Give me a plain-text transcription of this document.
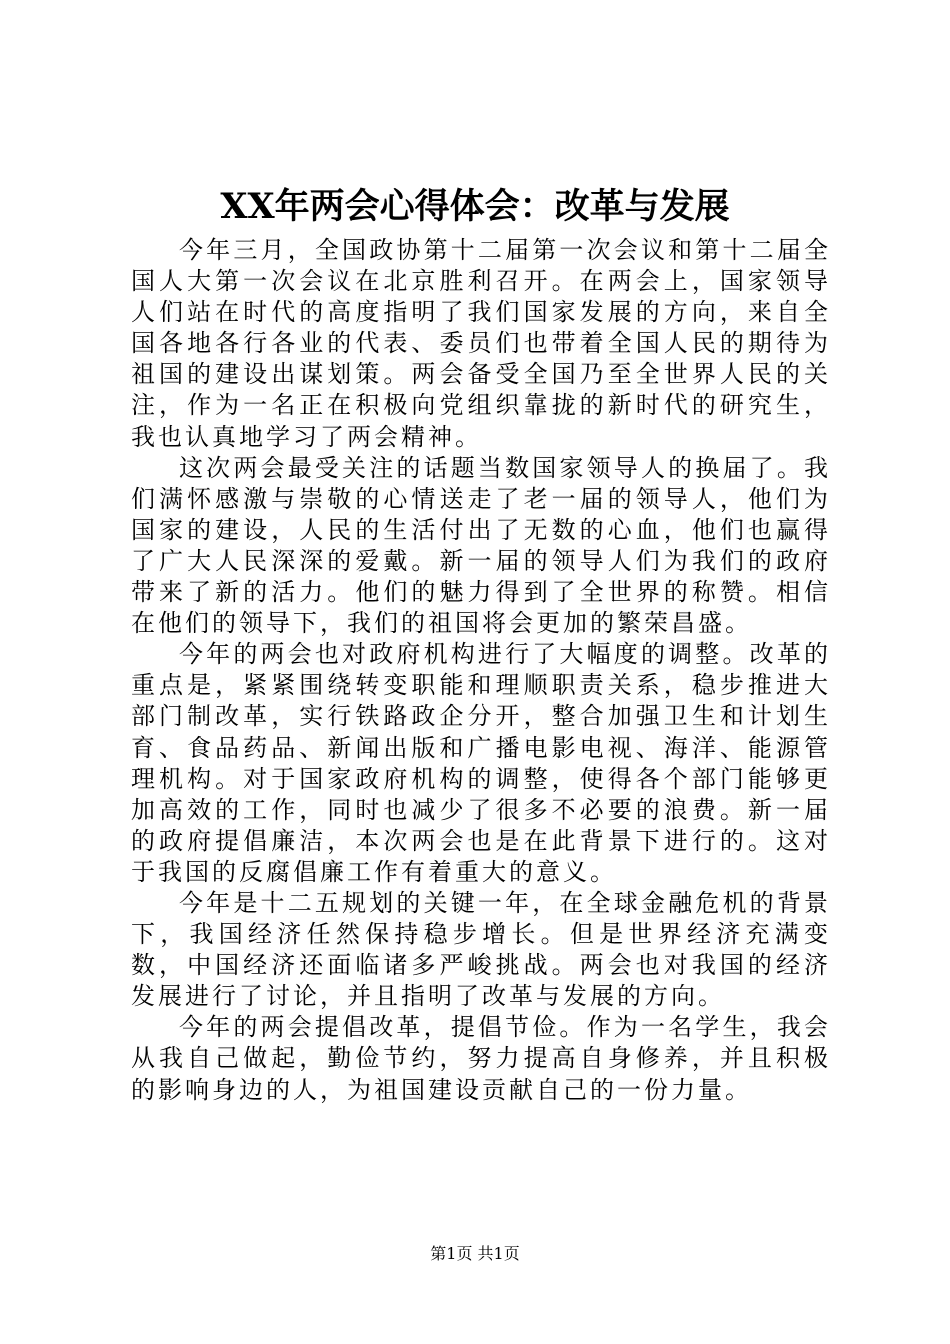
XX年两会心得体会：改革与发展

今年三月，全国政协第十二届第一次会议和第十二届全国人大第一次会议在北京胜利召开。在两会上，国家领导人们站在时代的高度指明了我们国家发展的方向，来自全国各地各行各业的代表、委员们也带着全国人民的期待为祖国的建设出谋划策。两会备受全国乃至全世界人民的关注，作为一名正在积极向党组织靠拢的新时代的研究生，我也认真地学习了两会精神。

这次两会最受关注的话题当数国家领导人的换届了。我们满怀感激与崇敬的心情送走了老一届的领导人，他们为国家的建设，人民的生活付出了无数的心血，他们也赢得了广大人民深深的爱戴。新一届的领导人们为我们的政府带来了新的活力。他们的魅力得到了全世界的称赞。相信在他们的领导下，我们的祖国将会更加的繁荣昌盛。

今年的两会也对政府机构进行了大幅度的调整。改革的重点是，紧紧围绕转变职能和理顺职责关系，稳步推进大部门制改革，实行铁路政企分开，整合加强卫生和计划生育、食品药品、新闻出版和广播电影电视、海洋、能源管理机构。对于国家政府机构的调整，使得各个部门能够更加高效的工作，同时也减少了很多不必要的浪费。新一届的政府提倡廉洁，本次两会也是在此背景下进行的。这对于我国的反腐倡廉工作有着重大的意义。

今年是十二五规划的关键一年，在全球金融危机的背景下，我国经济任然保持稳步增长。但是世界经济充满变数，中国经济还面临诸多严峻挑战。两会也对我国的经济发展进行了讨论，并且指明了改革与发展的方向。

今年的两会提倡改革，提倡节俭。作为一名学生，我会从我自己做起，勤俭节约，努力提高自身修养，并且积极的影响身边的人，为祖国建设贡献自己的一份力量。

第1页 共1页
